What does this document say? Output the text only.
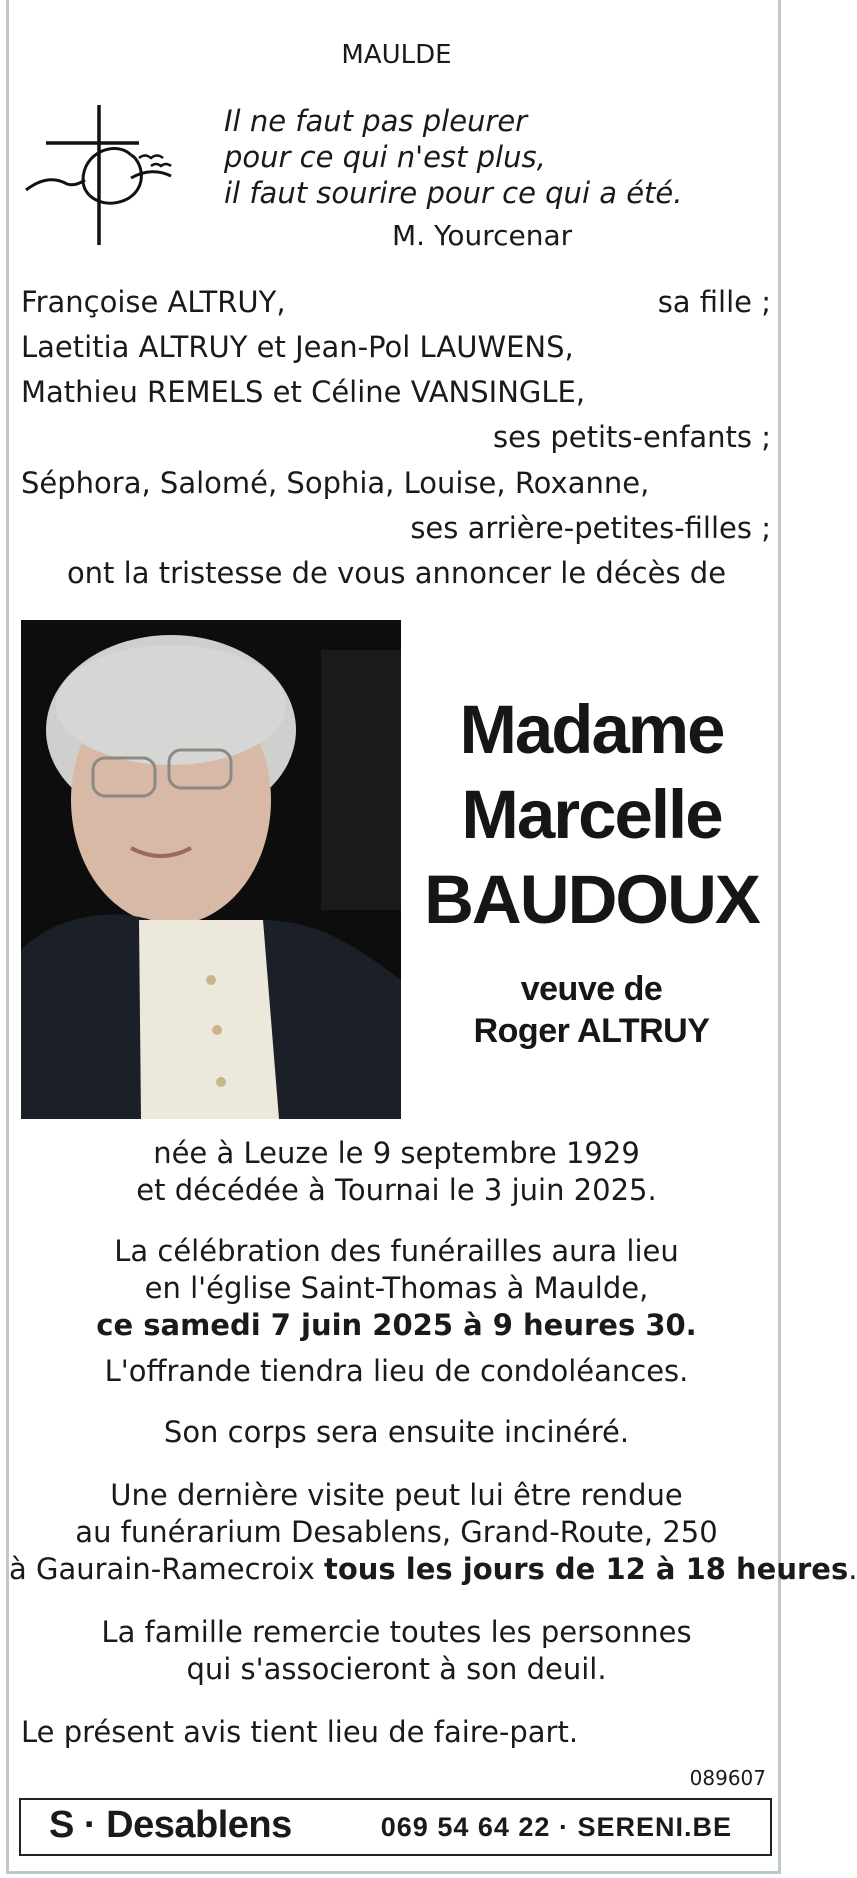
MAULDE
Il ne faut pas pleurer
pour ce qui n'est plus,
il faut sourire pour ce qui a été.
M. Yourcenar
Françoise ALTRUY,	sa fille ;
Laetitia ALTRUY et Jean-Pol LAUWENS,
Mathieu REMELS et Céline VANSINGLE,
ses petits-enfants ;
Séphora, Salomé, Sophia, Louise, Roxanne,
ses arrière-petites-filles ;
ont la tristesse de vous annoncer le décès de
Madame
Marcelle
BAUDOUX
veuve de
Roger ALTRUY
née à Leuze le 9 septembre 1929
et décédée à Tournai le 3 juin 2025.
La célébration des funérailles aura lieu
en l'église Saint-Thomas à Maulde,
ce samedi 7 juin 2025 à 9 heures 30.
L'offrande tiendra lieu de condoléances.
Son corps sera ensuite incinéré.
Une dernière visite peut lui être rendue
au funérarium Desablens, Grand-Route, 250
à Gaurain-Ramecroix tous les jours de 12 à 18 heures.
La famille remercie toutes les personnes
qui s'associeront à son deuil.
Le présent avis tient lieu de faire-part.
089607
S · Desablens	069 54 64 22 · SERENI.BE
